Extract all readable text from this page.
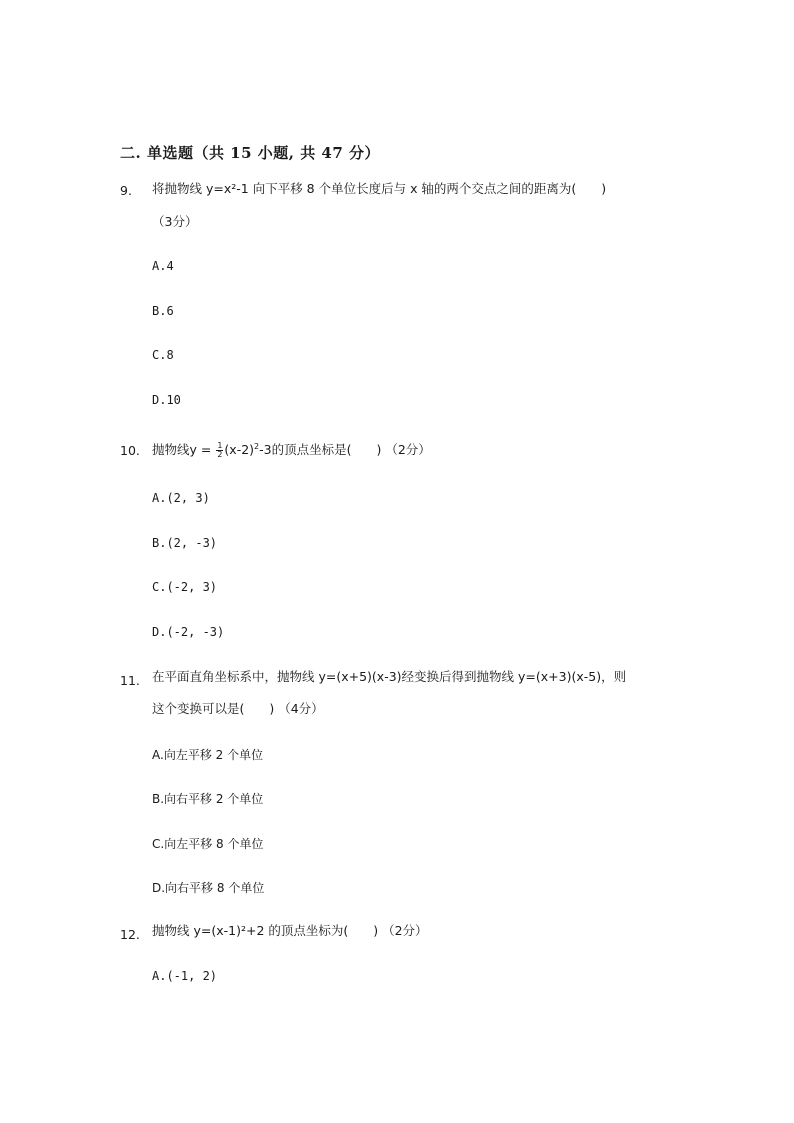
二. 单选题（共 15 小题, 共 47 分）
9. 将抛物线 y=x²-1 向下平移 8 个单位长度后与 x 轴的两个交点之间的距离为(　　)
（3分）
A.4
B.6
C.8
D.10
10. 抛物线$y = \frac{1}{2} (x-2)^2-3$的顶点坐标是(　　) （2分）
A.(2, 3)
B.(2, -3)
C.(-2, 3)
D.(-2, -3)
11. 在平面直角坐标系中，抛物线 y=(x+5)(x-3)经变换后得到抛物线 y=(x+3)(x-5)，则
这个变换可以是(　　) （4分）
A.向左平移 2 个单位
B.向右平移 2 个单位
C.向左平移 8 个单位
D.向右平移 8 个单位
12. 抛物线 y=(x-1)²+2 的顶点坐标为(　　) （2分）
A.(-1, 2)
